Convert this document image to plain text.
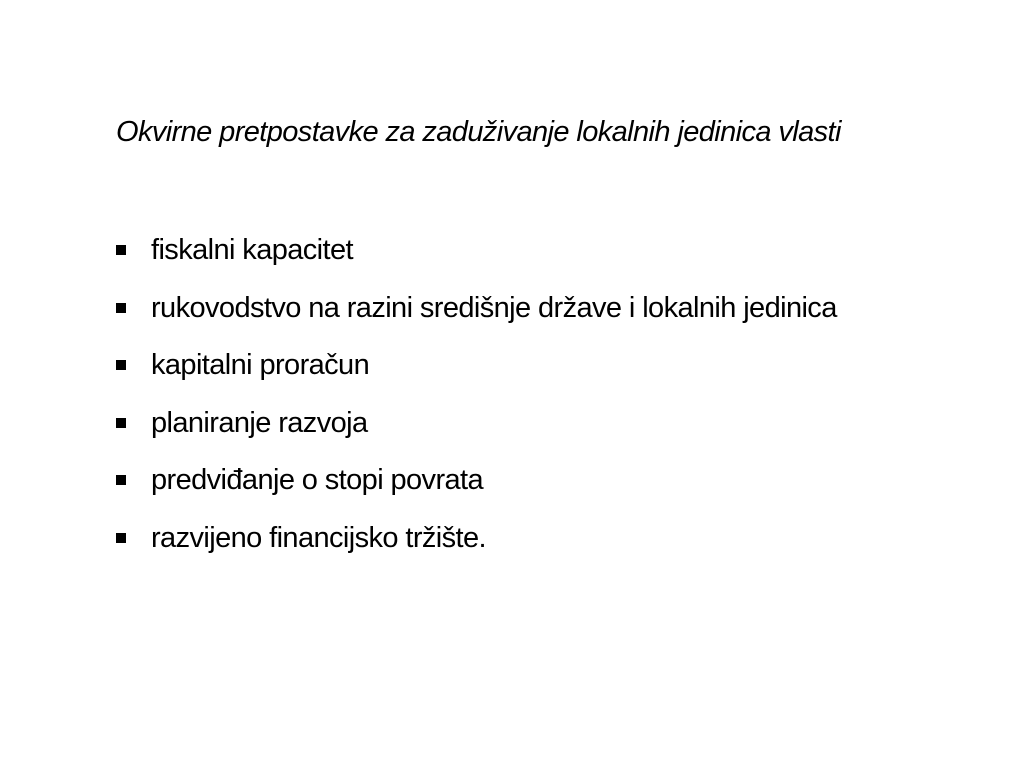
Okvirne pretpostavke za zaduživanje lokalnih jedinica vlasti
fiskalni kapacitet
rukovodstvo na razini središnje države i lokalnih jedinica
kapitalni proračun
planiranje razvoja
predviđanje o stopi povrata
razvijeno financijsko tržište.
